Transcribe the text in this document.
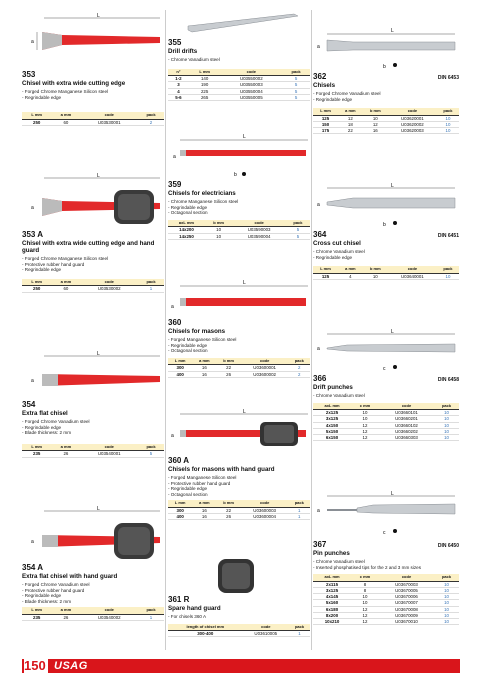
L
a
353
Chisel with extra wide cutting edge
- Forged Chrome Manganese Silicon steel
- Regrindable edge
L mm	a mm	code	pack
250	60	U03530001	2
L
a
353 A
Chisel with extra wide cutting edge and hand guard
- Forged Chrome Manganese Silicon steel
- Protective rubber hand guard
- Regrindable edge
L mm	a mm	code	pack
250	60	U03530002	1
L
a
354
Extra flat chisel
- Forged Chrome Vanadium steel
- Regrindable edge
- Blade thickness: 2 mm
L mm	a mm	code	pack
235	26	U03540001	5
L
a
354 A
Extra flat chisel with hand guard
- Forged Chrome Vanadium steel
- Protective rubber hand guard
- Regrindable edge
- Blade thickness: 2 mm
L mm	a mm	code	pack
235	26	U03540002	1
355
Drill drifts
- Chrome Vanadium steel
n°	L mm	code	pack
1-2	140	U03550002	5
3	190	U03550003	5
4	225	U03550004	5
5-6	265	U03550005	5
L
a
b
359
Chisels for electricians
- Chrome Manganese Silicon steel
- Regrindable edge
- Octagonal section
axL mm	b mm	code	pack
14x200	10	U03590003	5
14x250	10	U03590004	5
L
a
360
Chisels for masons
- Forged Manganese Silicon steel
- Regrindable edge
- Octagonal section
L mm	a mm	b mm	code	pack
300	16	22	U03600001	2
400	16	26	U03600002	2
L
a
360 A
Chisels for masons with hand guard
- Forged Manganese Silicon steel
- Protective rubber hand guard
- Regrindable edge
- Octagonal section
L mm	a mm	b mm	code	pack
300	16	22	U03600003	1
400	16	26	U03600004	1
361 R
Spare hand guard
- For chisels 360 A
length of chisel mm	code	pack
300-400	U03610005	1
L
a
b
362	DIN 6453
Chisels
- Forged Chrome Vanadium steel
- Regrindable edge
L mm	a mm	b mm	code	pack
125	12	10	U03620001	10
150	18	12	U03620002	10
175	22	16	U03620003	10
L
a
b
364	DIN 6451
Cross cut chisel
- Chrome Vanadium steel
- Regrindable edge
L mm	a mm	b mm	code	pack
125	4	10	U03640001	10
L
a
c
366	DIN 6458
Drift punches
- Chrome Vanadium steel
axL mm	c mm	code	pack
2x125	10	U03660101	10
3x125	10	U03660201	10
4x150	12	U03660102	10
5x150	12	U03660202	10
6x150	12	U03660303	10
L
a
c
367	DIN 6450
Pin punches
- Chrome Vanadium steel
- Inserted phosphatised tips for the 2 and 3 mm sizes
axL mm	c mm	code	pack
2x115	8	U03670003	10
3x125	8	U03670005	10
4x145	10	U03670006	10
5x160	10	U03670007	10
6x180	12	U03670008	10
8x200	12	U03670009	10
10x210	12	U03670010	10
150 USAG
